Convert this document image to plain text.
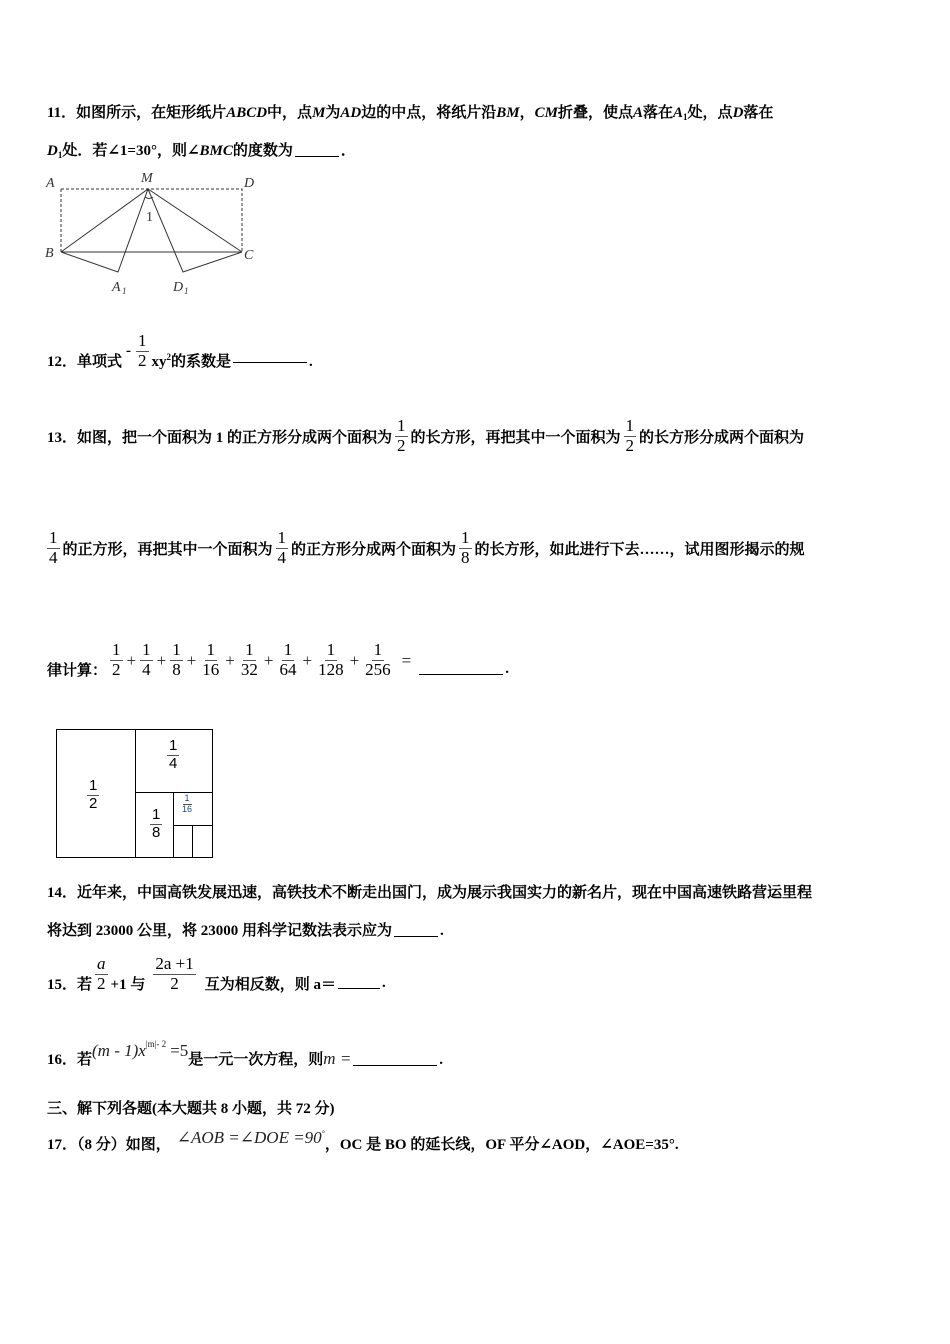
11．如图所示，在矩形纸片 ABCD 中，点 M 为 AD 边的中点，将纸片沿 BM ， CM 折叠，使点 A 落在 $A_1$ 处，点 D 落在
$D_1$ 处．若∠1=30°，则∠ BMC 的度数为	．
A	M	D
B	C
A 1	D 1
1
12．单项式
- $\frac{1}{2} xy^2$的系数是	.
13．如图，把一个面积为 1 的正方形分成两个面积为 $\frac{1}{2}$ 的长方形，再把其中一个面积为 $\frac{1}{2}$ 的长方形分成两个面积为
$\frac{1}{4}$ 的正方形，再把其中一个面积为 $\frac{1}{4}$ 的正方形分成两个面积为 $\frac{1}{8}$ 的长方形，如此进行下去……，试用图形揭示的规
律计算： $\frac{1}{2} + \frac{1}{4} + \frac{1}{8} + \frac{1}{16} + \frac{1}{32} + \frac{1}{64} + \frac{1}{128} + \frac{1}{256}$ =	.
$\frac{1}{2}$
$\frac{1}{4}$
$\frac{1}{8}$
$\frac{1}{16}$
14．近年来，中国高铁发展迅速，高铁技术不断走出国门，成为展示我国实力的新名片，现在中国高速铁路营运里程
将达到 23000 公里，将 23000 用科学记数法表示应为	.
15．若 $\frac{a}{2} +1$ 与 $\frac{2a +1}{2}$ 互为相反数，则 a＝	.
16．若 $(m - 1)x^{|m|- 2} =5$ 是一元一次方程，则 m =	.
三、解下列各题(本大题共 8 小题，共 72 分)
17．（8 分）如图， ∠AOB =∠DOE =90°
，OC 是 BO 的延长线，OF 平分∠AOD，∠AOE=35°.
